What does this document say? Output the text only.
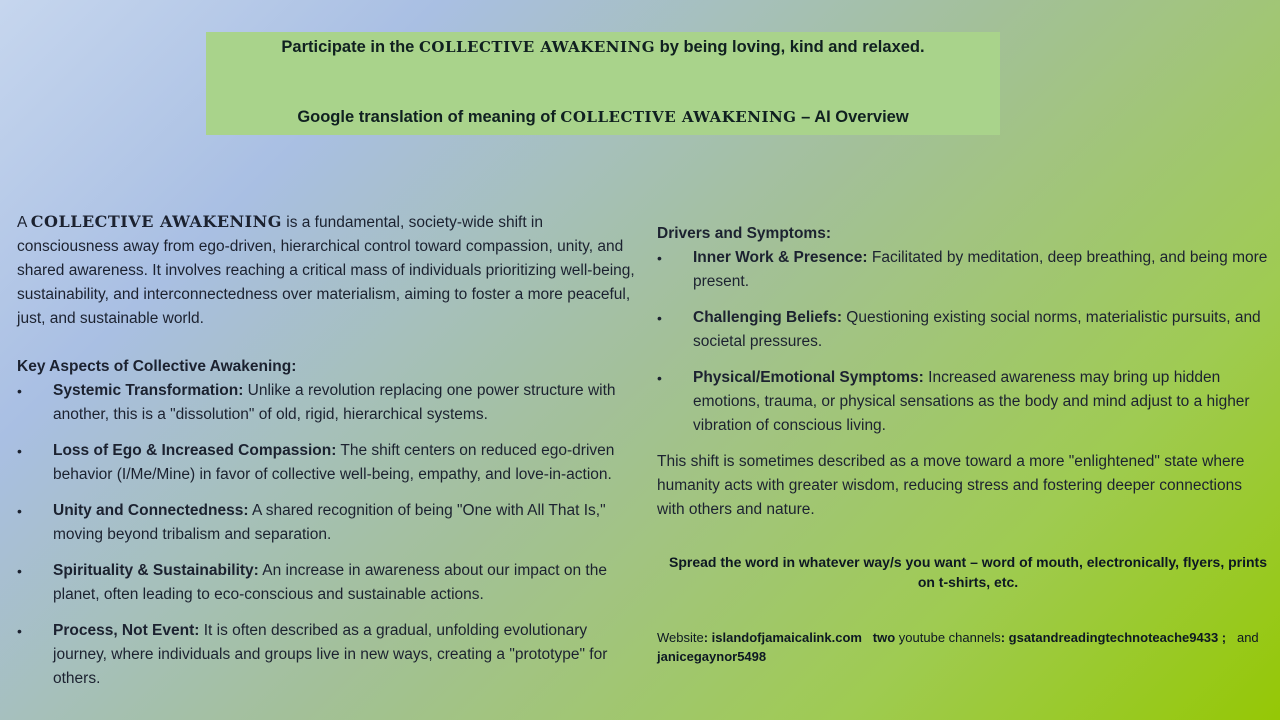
Participate in the COLLECTIVE AWAKENING by being loving, kind and relaxed.
Google translation of meaning of COLLECTIVE AWAKENING – AI Overview

A COLLECTIVE AWAKENING is a fundamental, society-wide shift in consciousness away from ego-driven, hierarchical control toward compassion, unity, and shared awareness. It involves reaching a critical mass of individuals prioritizing well-being, sustainability, and interconnectedness over materialism, aiming to foster a more peaceful, just, and sustainable world.

Key Aspects of Collective Awakening:

• Systemic Transformation: Unlike a revolution replacing one power structure with another, this is a "dissolution" of old, rigid, hierarchical systems.
• Loss of Ego & Increased Compassion: The shift centers on reduced ego-driven behavior (I/Me/Mine) in favor of collective well-being, empathy, and love-in-action.
• Unity and Connectedness: A shared recognition of being "One with All That Is," moving beyond tribalism and separation.
• Spirituality & Sustainability: An increase in awareness about our impact on the planet, often leading to eco-conscious and sustainable actions.
• Process, Not Event: It is often described as a gradual, unfolding evolutionary journey, where individuals and groups live in new ways, creating a "prototype" for others.

Drivers and Symptoms:

• Inner Work & Presence: Facilitated by meditation, deep breathing, and being more present.
• Challenging Beliefs: Questioning existing social norms, materialistic pursuits, and societal pressures.
• Physical/Emotional Symptoms: Increased awareness may bring up hidden emotions, trauma, or physical sensations as the body and mind adjust to a higher vibration of conscious living.

This shift is sometimes described as a move toward a more "enlightened" state where humanity acts with greater wisdom, reducing stress and fostering deeper connections with others and nature.

Spread the word in whatever way/s you want – word of mouth, electronically, flyers, prints on t-shirts, etc.
Website: islandofjamaicalink.com two youtube channels: gsatandreadingtechnoteache9433 ; and
janicegaynor5498
